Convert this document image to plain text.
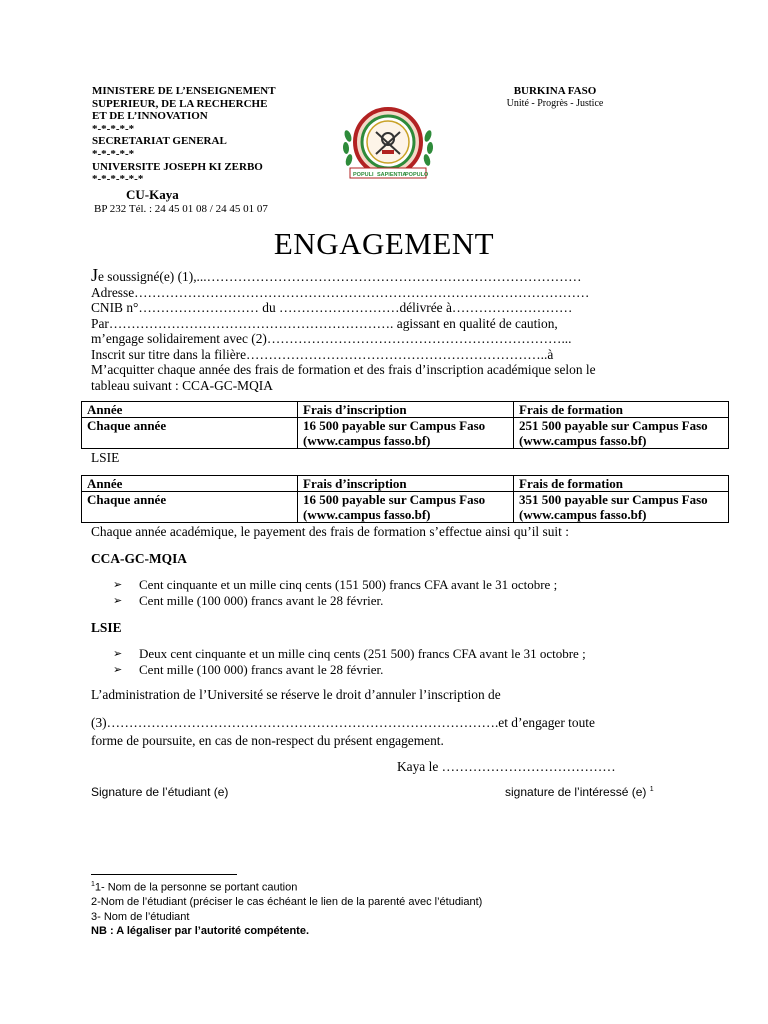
MINISTERE DE L’ENSEIGNEMENT
SUPERIEUR, DE LA RECHERCHE
ET DE L’INNOVATION
*-*-*-*-*
SECRETARIAT GENERAL
*-*-*-*-*
UNIVERSITE JOSEPH KI ZERBO
*-*-*-*-*-*
CU-Kaya
BP 232 Tél. : 24 45 01 08 / 24 45 01 07
BURKINA FASO
Unité - Progrès - Justice
POPULI SAPIENTIA
POPULO
ENGAGEMENT
Je soussigné(e) (1),...…………………………………………………………………………
Adresse…………………………………………………………………………………………
CNIB n°……………………… du ………………………délivrée à………………………
Par………………………………………………………. agissant en qualité de caution,
m’engage solidairement avec (2)…………………………………………………………...
Inscrit sur titre dans la filière…………………………………………………………..à
M’acquitter chaque année des frais de formation et des frais d’inscription académique selon le
tableau suivant : CCA-GC-MQIA
Année	Frais d’inscription	Frais de formation
Chaque année	16 500 payable sur Campus Faso (www.campus fasso.bf)	251 500 payable sur Campus Faso (www.campus fasso.bf)
LSIE
Année	Frais d’inscription	Frais de formation
Chaque année	16 500 payable sur Campus Faso (www.campus fasso.bf)	351 500 payable sur Campus Faso (www.campus fasso.bf)
Chaque année académique, le payement des frais de formation s’effectue ainsi qu’il suit :
CCA-GC-MQIA
➢ Cent cinquante et un mille cinq cents (151 500) francs CFA avant le 31 octobre ;
➢ Cent mille (100 000) francs avant le 28 février.
LSIE
➢ Deux cent cinquante et un mille cinq cents (251 500) francs CFA avant le 31 octobre ;
➢ Cent mille (100 000) francs avant le 28 février.
L’administration de l’Université se réserve le droit d’annuler l’inscription de
(3)…………………………………………………………………………….et d’engager toute
forme de poursuite, en cas de non-respect du présent engagement.
Kaya le …………………………………
Signature de l’étudiant (e)	signature de l’intéressé (e) $^1$
$^1$1- Nom de la personne se portant caution
2-Nom de l’étudiant (préciser le cas échéant le lien de la parenté avec l’étudiant)
3- Nom de l’étudiant
NB : A légaliser par l’autorité compétente.
